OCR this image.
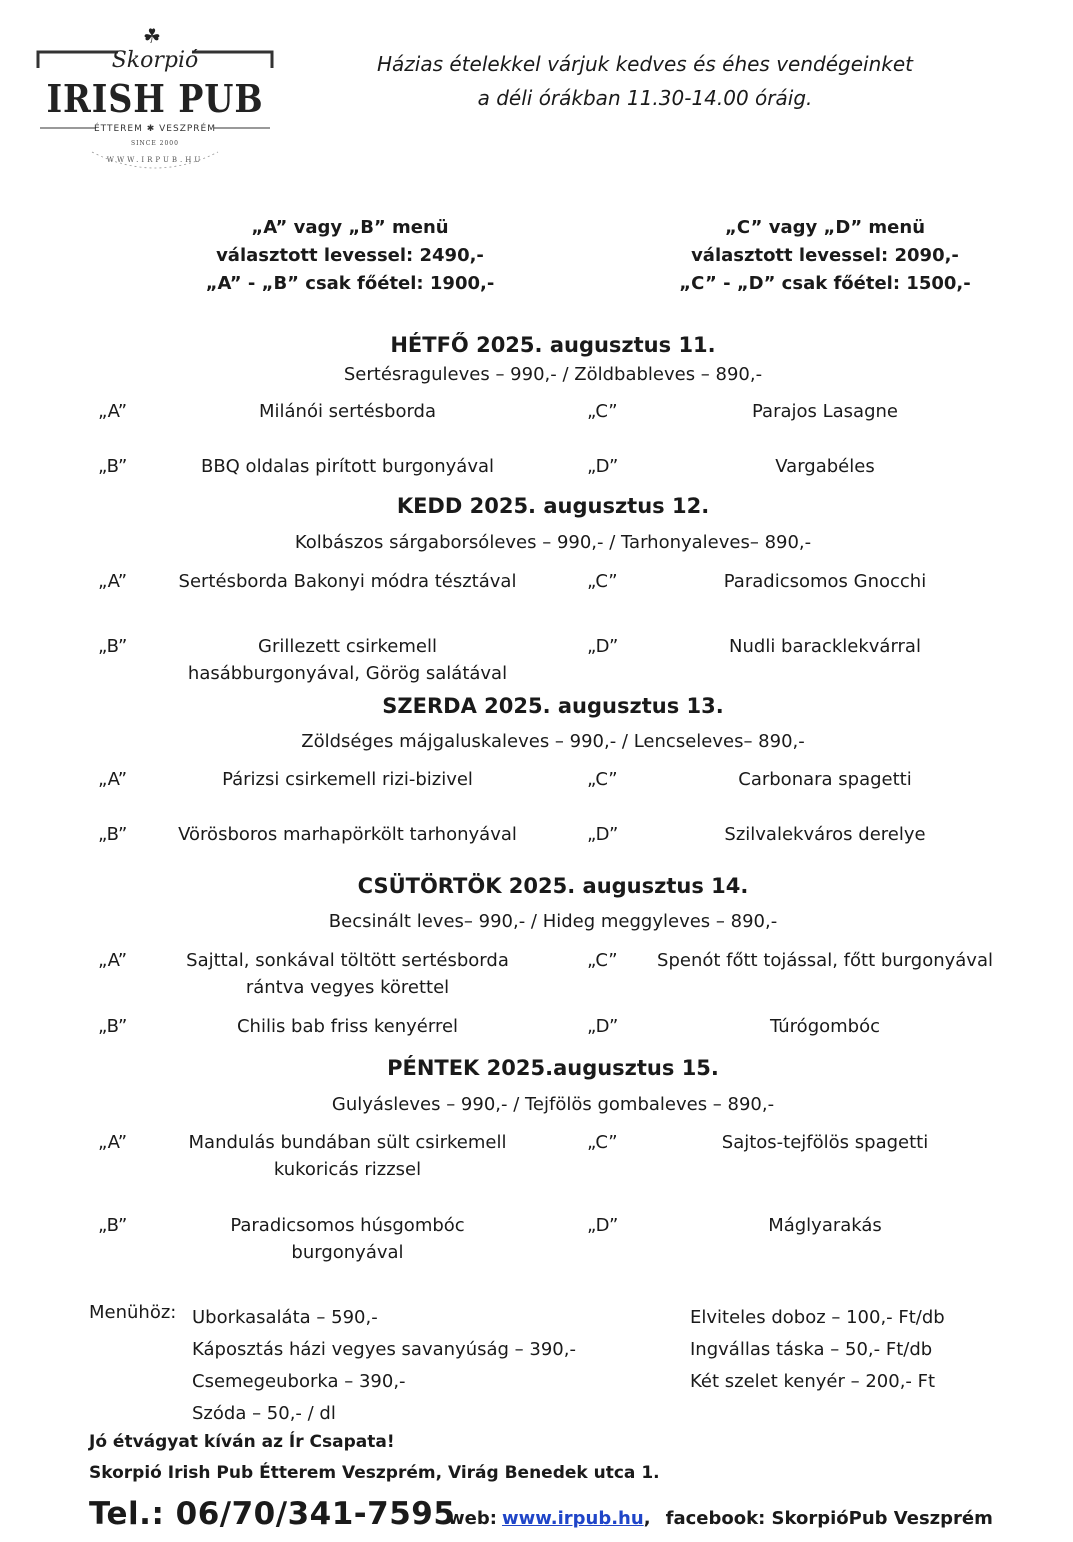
☘
Skorpió
IRISH PUB
ÉTTEREM ✱ VESZPRÉM
SINCE 2000
WWW.IRPUB.HU
Házias ételekkel várjuk kedves és éhes vendégeinket
a déli órákban 11.30-14.00 óráig.
„A” vagy „B” menü
választott levessel: 2490,-
„A” - „B” csak főétel: 1900,-
„C” vagy „D” menü
választott levessel: 2090,-
„C” - „D” csak főétel: 1500,-
HÉTFŐ 2025. augusztus 11.
Sertésraguleves – 990,- / Zöldbableves – 890,-
„A”
„B”
„C”
„D”
Milánói sertésborda
BBQ oldalas pirított burgonyával
Parajos Lasagne
Vargabéles
KEDD 2025. augusztus 12.
Kolbászos sárgaborsóleves – 990,- / Tarhonyaleves– 890,-
„A”
„B”
„C”
„D”
Sertésborda Bakonyi módra tésztával
Grillezett csirkemell
hasábburgonyával, Görög salátával
Paradicsomos Gnocchi
Nudli baracklekvárral
SZERDA 2025. augusztus 13.
Zöldséges májgaluskaleves – 990,- / Lencseleves– 890,-
„A”
„B”
„C”
„D”
Párizsi csirkemell rizi-bizivel
Vörösboros marhapörkölt tarhonyával
Carbonara spagetti
Szilvalekváros derelye
CSÜTÖRTÖK 2025. augusztus 14.
Becsinált leves– 990,- / Hideg meggyleves – 890,-
„A”
„B”
„C”
„D”
Sajttal, sonkával töltött sertésborda
rántva vegyes körettel
Chilis bab friss kenyérrel
Spenót főtt tojással, főtt burgonyával
Túrógombóc
PÉNTEK 2025.augusztus 15.
Gulyásleves – 990,- / Tejfölös gombaleves – 890,-
„A”
„B”
„C”
„D”
Mandulás bundában sült csirkemell
kukoricás rizzsel
Paradicsomos húsgombóc
burgonyával
Sajtos-tejfölös spagetti
Máglyarakás
Menühöz: Uborkasaláta – 590,-
Káposztás házi vegyes savanyúság – 390,-
Csemegeuborka – 390,-
Szóda – 50,- / dl
Elviteles doboz – 100,- Ft/db
Ingvállas táska – 50,- Ft/db
Két szelet kenyér – 200,- Ft
Jó étvágyat kíván az Ír Csapata!
Skorpió Irish Pub Étterem Veszprém, Virág Benedek utca 1.
Tel.: 06/70/341-7595
web: www.irpub.hu, facebook: SkorpióPub Veszprém
